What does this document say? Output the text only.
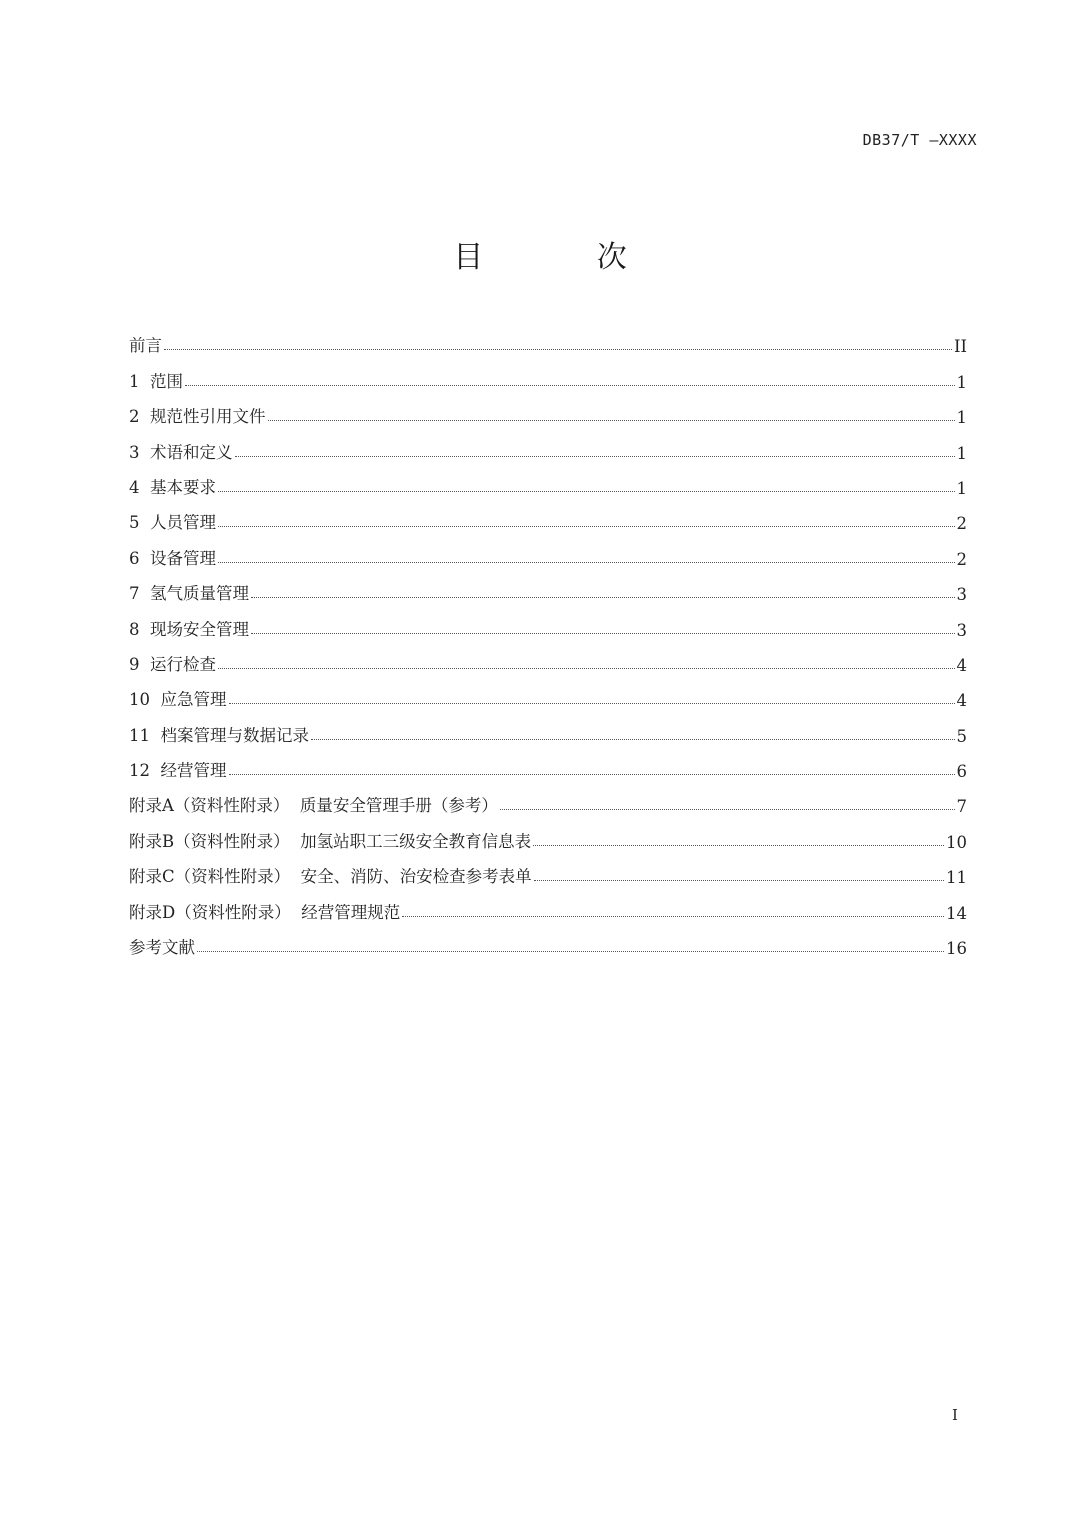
DB37/T —XXXX
目 次
前言	II
1  范围	1
2  规范性引用文件	1
3  术语和定义	1
4  基本要求	1
5  人员管理	2
6  设备管理	2
7  氢气质量管理	3
8  现场安全管理	3
9  运行检查	4
10  应急管理	4
11  档案管理与数据记录	5
12  经营管理	6
附录A（资料性附录）  质量安全管理手册（参考）	7
附录B（资料性附录）  加氢站职工三级安全教育信息表	10
附录C（资料性附录）  安全、消防、治安检查参考表单	11
附录D（资料性附录）  经营管理规范	14
参考文献	16
I
